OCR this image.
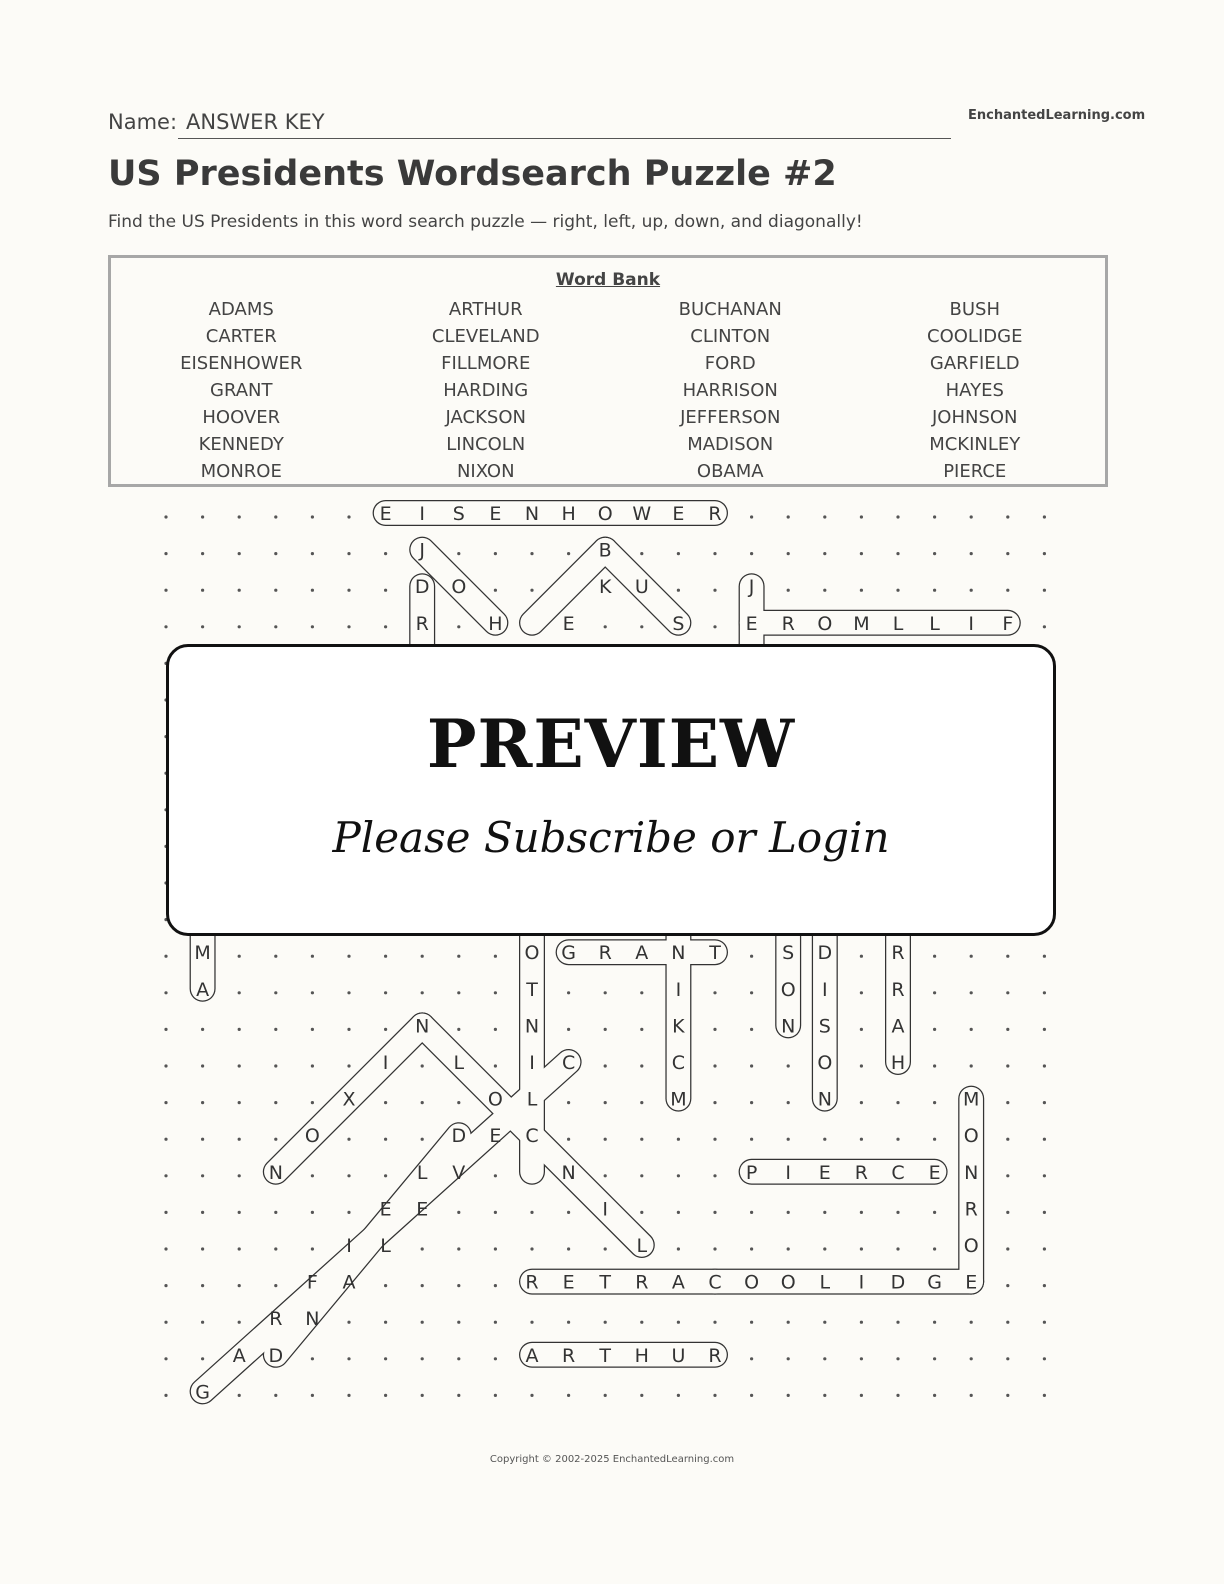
Name: ANSWER KEY	EnchantedLearning.com
US Presidents Wordsearch Puzzle #2
Find the US Presidents in this word search puzzle — right, left, up, down, and diagonally!
Word Bank
ADAMS	ARTHUR	BUCHANAN	BUSH
CARTER	CLEVELAND	CLINTON	COOLIDGE
EISENHOWER	FILLMORE	FORD	GARFIELD
GRANT	HARDING	HARRISON	HAYES
HOOVER	JACKSON	JEFFERSON	JOHNSON
KENNEDY	LINCOLN	MADISON	MCKINLEY
MONROE	NIXON	OBAMA	PIERCE
E I S E N H O W E R
J	B
D O	K U	J
R	H	E	S	E R O M L L I F
M	O G R A N T	S D	R
A	T	I	O I	R
N	N	K	N S	A
I	L	I C	C	O	H
X	O L	M	N	M
O	D E C	O
N	L V	N	P I E R C E N
E E	I	R
I L	L	O
F A	R E T R A C O O L I D G E
R N
A D	A R T H U R
G
PREVIEW
Please Subscribe or Login
Copyright © 2002-2025 EnchantedLearning.com
